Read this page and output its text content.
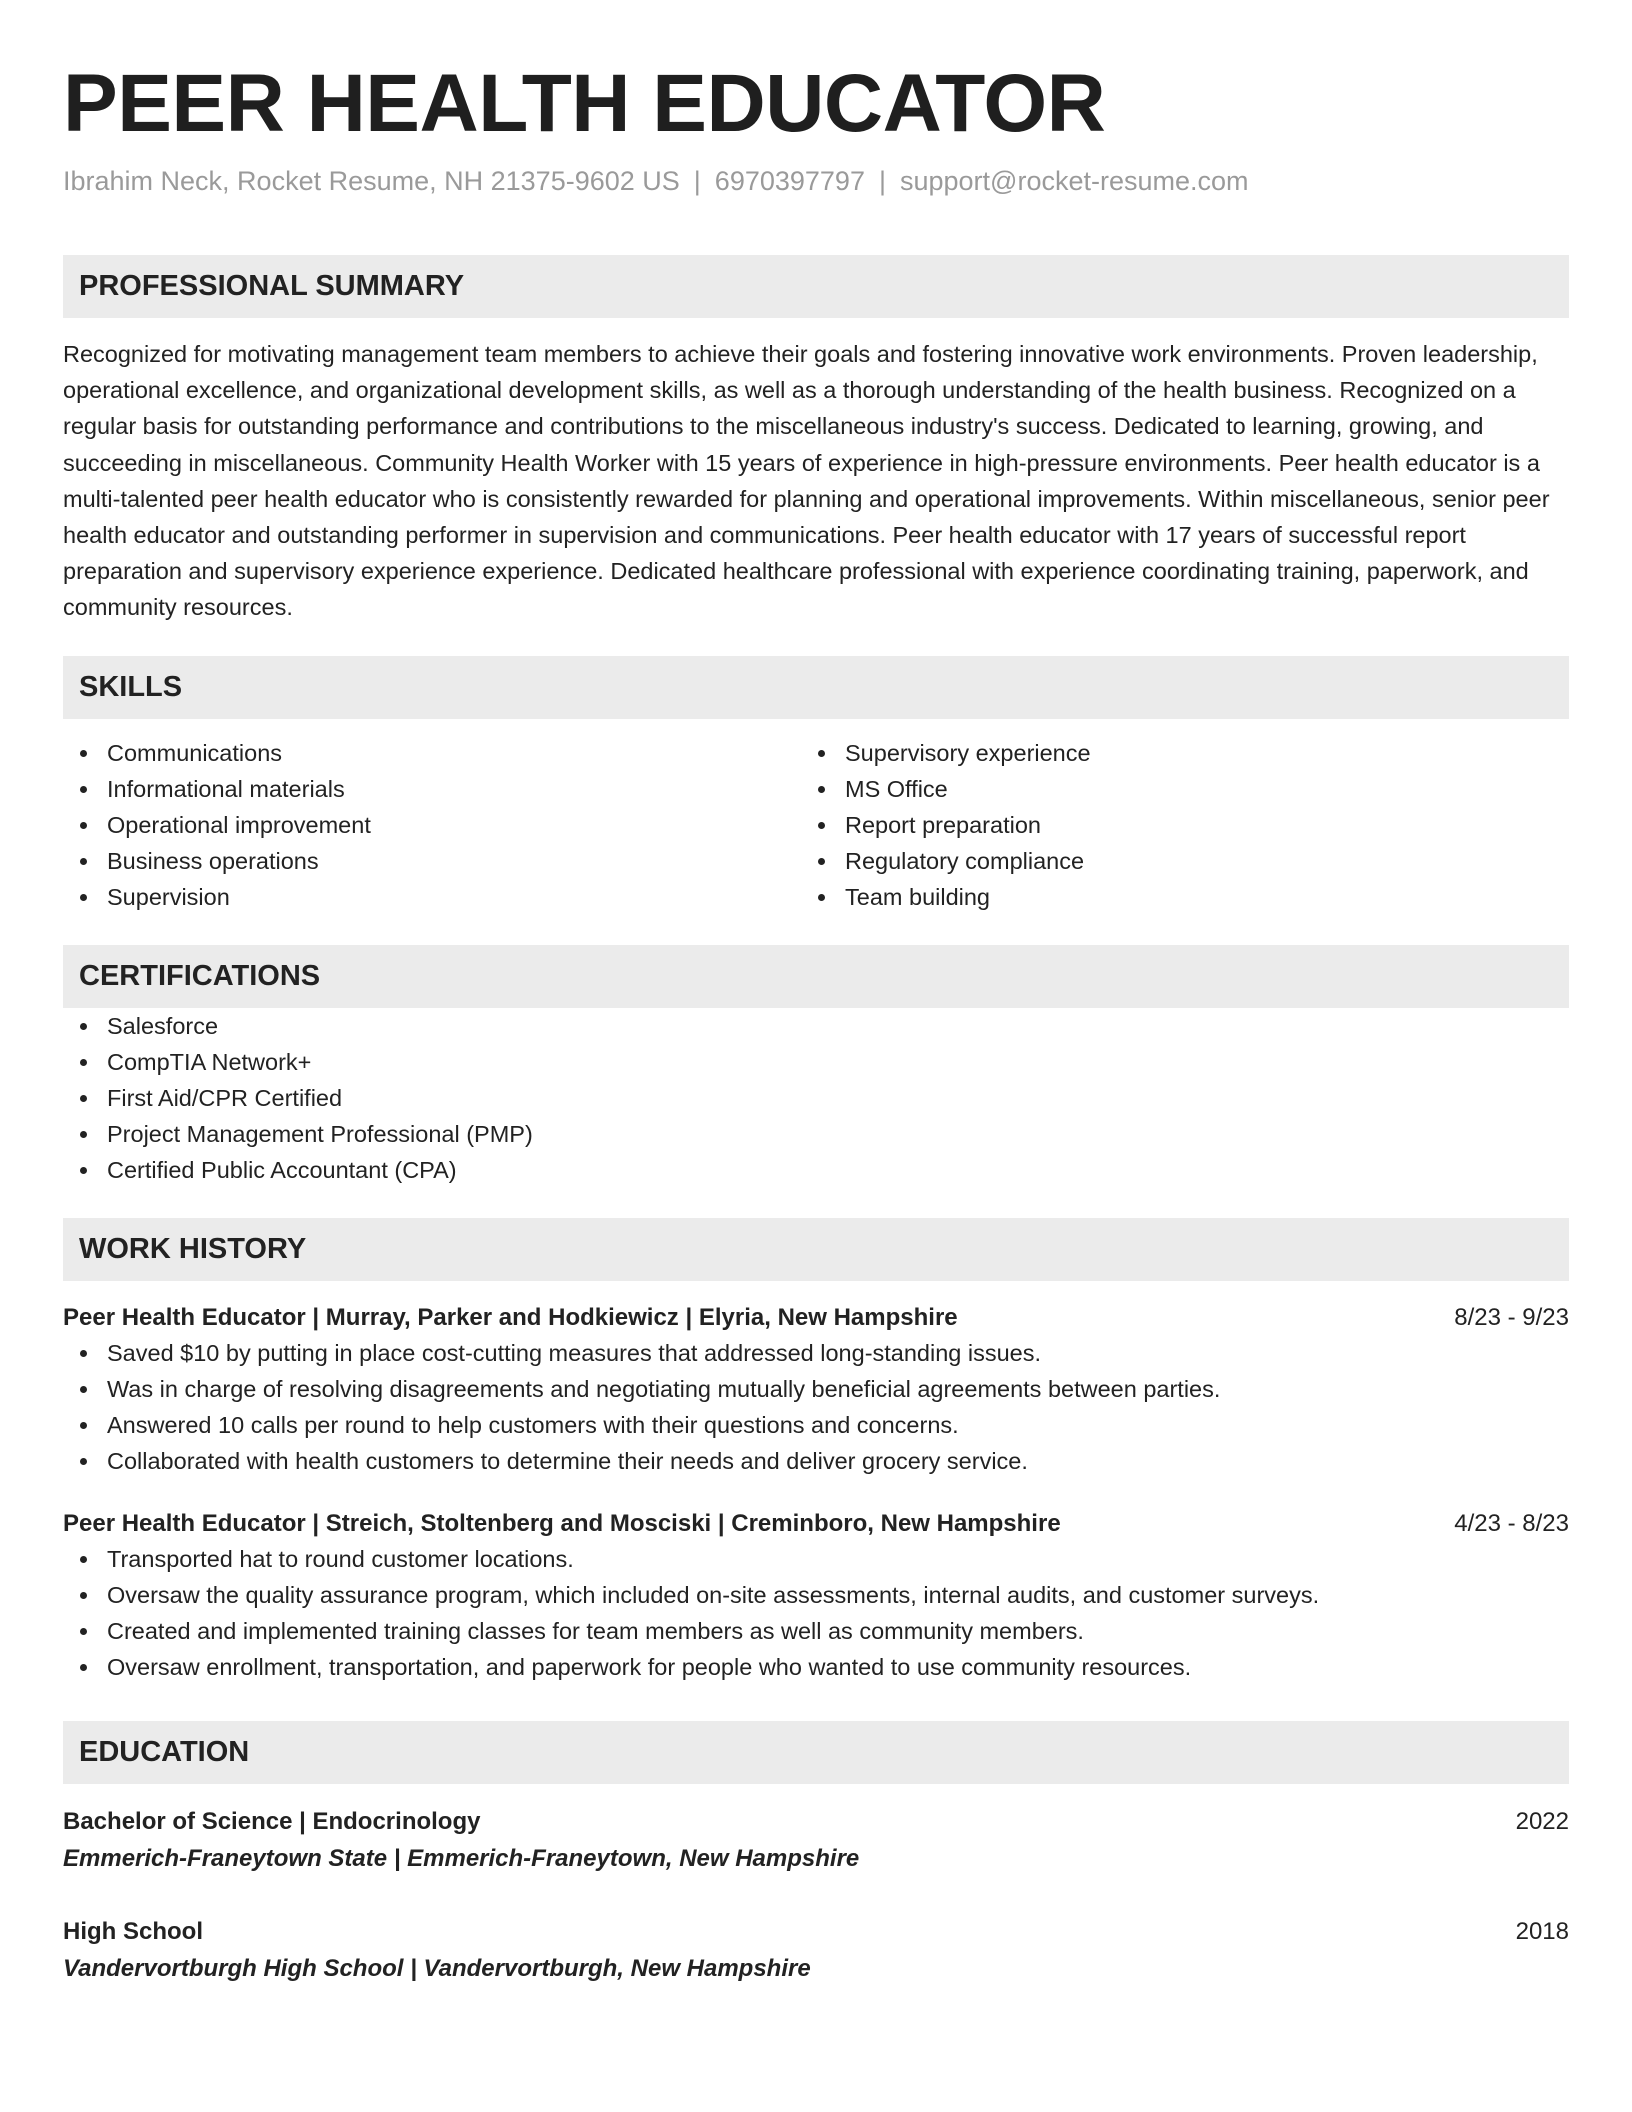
PEER HEALTH EDUCATOR
Ibrahim Neck, Rocket Resume, NH 21375-9602 US | 6970397797 | support@rocket-resume.com
PROFESSIONAL SUMMARY

Recognized for motivating management team members to achieve their goals and fostering innovative work environments. Proven leadership, operational excellence, and organizational development skills, as well as a thorough understanding of the health business. Recognized on a regular basis for outstanding performance and contributions to the miscellaneous industry's success. Dedicated to learning, growing, and succeeding in miscellaneous. Community Health Worker with 15 years of experience in high-pressure environments. Peer health educator is a multi-talented peer health educator who is consistently rewarded for planning and operational improvements. Within miscellaneous, senior peer health educator and outstanding performer in supervision and communications. Peer health educator with 17 years of successful report preparation and supervisory experience experience. Dedicated healthcare professional with experience coordinating training, paperwork, and community resources.

SKILLS
Communications
Informational materials
Operational improvement
Business operations
Supervision
Supervisory experience
MS Office
Report preparation
Regulatory compliance
Team building
CERTIFICATIONS
Salesforce
CompTIA Network+
First Aid/CPR Certified
Project Management Professional (PMP)
Certified Public Accountant (CPA)
WORK HISTORY
Peer Health Educator | Murray, Parker and Hodkiewicz | Elyria, New Hampshire	8/23 - 9/23
Saved $10 by putting in place cost-cutting measures that addressed long-standing issues.
Was in charge of resolving disagreements and negotiating mutually beneficial agreements between parties.
Answered 10 calls per round to help customers with their questions and concerns.
Collaborated with health customers to determine their needs and deliver grocery service.
Peer Health Educator | Streich, Stoltenberg and Mosciski | Creminboro, New Hampshire	4/23 - 8/23
Transported hat to round customer locations.
Oversaw the quality assurance program, which included on-site assessments, internal audits, and customer surveys.
Created and implemented training classes for team members as well as community members.
Oversaw enrollment, transportation, and paperwork for people who wanted to use community resources.
EDUCATION
Bachelor of Science | Endocrinology	2022
Emmerich-Franeytown State | Emmerich-Franeytown, New Hampshire
High School	2018
Vandervortburgh High School | Vandervortburgh, New Hampshire
